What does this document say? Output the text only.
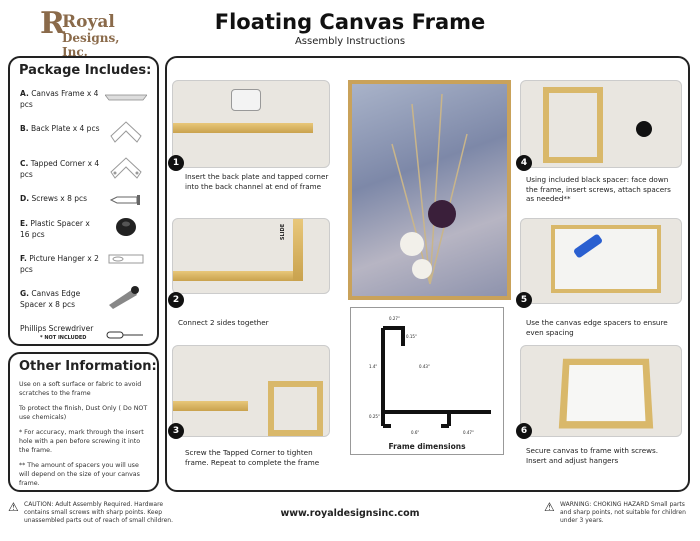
R
Royal
Designs, Inc.
Floating Canvas Frame
Assembly Instructions
Package Includes:
A. Canvas Frame x 4 pcs
B. Back Plate x 4 pcs
C. Tapped Corner x 4 pcs
D. Screws x 8 pcs
E. Plastic Spacer x 16 pcs
F. Picture Hanger x 2 pcs
G. Canvas Edge Spacer x 8 pcs
Phillips Screwdriver
* NOT INCLUDED
Other Information:

Use on a soft surface or fabric to avoid scratches to the frame

To protect the finish, Dust Only ( Do NOT use chemicals)

* For accuracy, mark through the insert hole with a pen before screwing it into the frame.

** The amount of spacers you will use will depend on the size of your canvas frame.

1
Insert the back plate and tapped corner into the back channel at end of frame
SLIDE
2
Connect 2 sides together
3
Screw the Tapped Corner to tighten frame. Repeat to complete the frame
0.27"
0.15"
1.4"	0.43"
0.25"
0.6"	0.47"
Frame dimensions
4
Using included black spacer: face down the frame, insert screws, attach spacers as needed**
5
Use the canvas edge spacers to ensure even spacing
6
Secure canvas to frame with screws. Insert and adjust hangers
⚠ CAUTION: Adult Assembly Required. Hardware contains small screws with sharp points. Keep unassembled parts out of reach of small children.
www.royaldesignsinc.com	⚠ WARNING: CHOKING HAZARD Small parts and sharp points, not suitable for children under 3 years.
